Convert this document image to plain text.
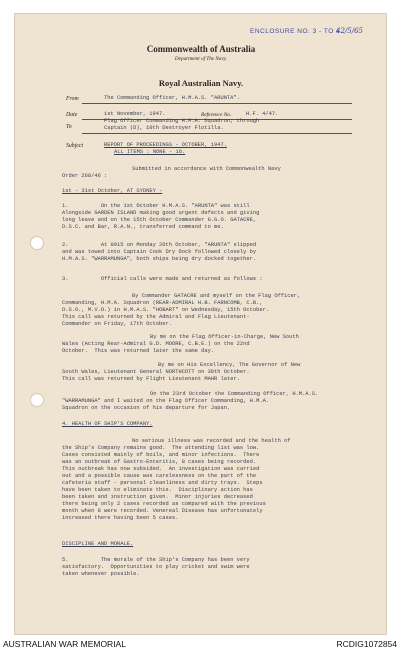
ENCLOSURE NO. 3 - TO #
42/5/65
Commonwealth of Australia
Department of The Navy.
Royal Australian Navy.
From	The Commanding Officer, H.M.A.S. "ARUNTA".
Date	1st November, 1947.	Reference No.	H.F. 4/47.
To
Flag Officer Commanding H.M.A. Squadron, through
Captain (D), 10th Destroyer Flotilla.
Subject	REPORT OF PROCEEDINGS - OCTOBER, 1947.
ALL ITEMS : NONE - 16.
Submitted in accordance with Commonwealth Navy
Order 268/46 :
1st - 31st October, AT SYDNEY -
1.          On the 1st October H.M.A.S. "ARUNTA" was still
Alongside GARDEN ISLAND making good urgent defects and giving
long leave and on the 15th October Commander G.G.O. GATACRE,
D.S.C. and Bar, R.A.N., transferred command to me.
2.          At 0915 on Monday 20th October, "ARUNTA" slipped
and was towed into Captain Cook Dry Dock followed closely by
H.M.A.S. "WARRAMUNGA", both ships being dry docked together.
3.          Official calls were made and returned as follows :
By Commander GATACRE and myself on the Flag Officer,
Commanding, H.M.A. Squadron (REAR-ADMIRAL H.B. FARNCOMB, C.B.,
D.S.O., M.V.O.) in H.M.A.S. "HOBART" on Wednesday, 15th October.
This call was returned by the Admiral and Flag Lieutenant-
Commander on Friday, 17th October.
By me on the Flag Officer-in-Charge, New South
Wales (Acting Rear-Admiral G.D. MOORE, C.B.E.) on the 22nd
October.  This was returned later the same day.
By me on His Excellency, The Governor of New
South Wales, Lieutenant General NORTHCOTT on 30th October.
This call was returned by Flight Lieutenant MAHR later.
On the 23rd October the Commanding Officer, H.M.A.S.
"WARRAMUNGA" and I waited on the Flag Officer Commanding, H.M.A.
Squadron on the occasion of his departure for Japan.
4. HEALTH OF SHIP'S COMPANY.
No serious illness was recorded and the health of
the Ship's Company remains good.  The attending list was low.
Cases consisted mainly of boils, and minor infections.  There
was an outbreak of Gastro-Enteritis, 8 cases being recorded.
This outbreak has now subsided.  An investigation was carried
out and a possible cause was carelessness on the part of the
cafeteria staff - personal cleanliness and dirty trays.  Steps
have been taken to eliminate this.  Disciplinary action has
been taken and instruction given.  Minor injuries decreased
there being only 2 cases recorded as compared with the previous
month when 8 were recorded. Venereal Disease has unfortunately
increased there having been 5 cases.
DISCIPLINE AND MORALE.
5.          The morale of the Ship's Company has been very
satisfactory.  Opportunities to play cricket and swim were
taken whenever possible.
AUSTRALIAN WAR MEMORIAL	RCDIG1072854
